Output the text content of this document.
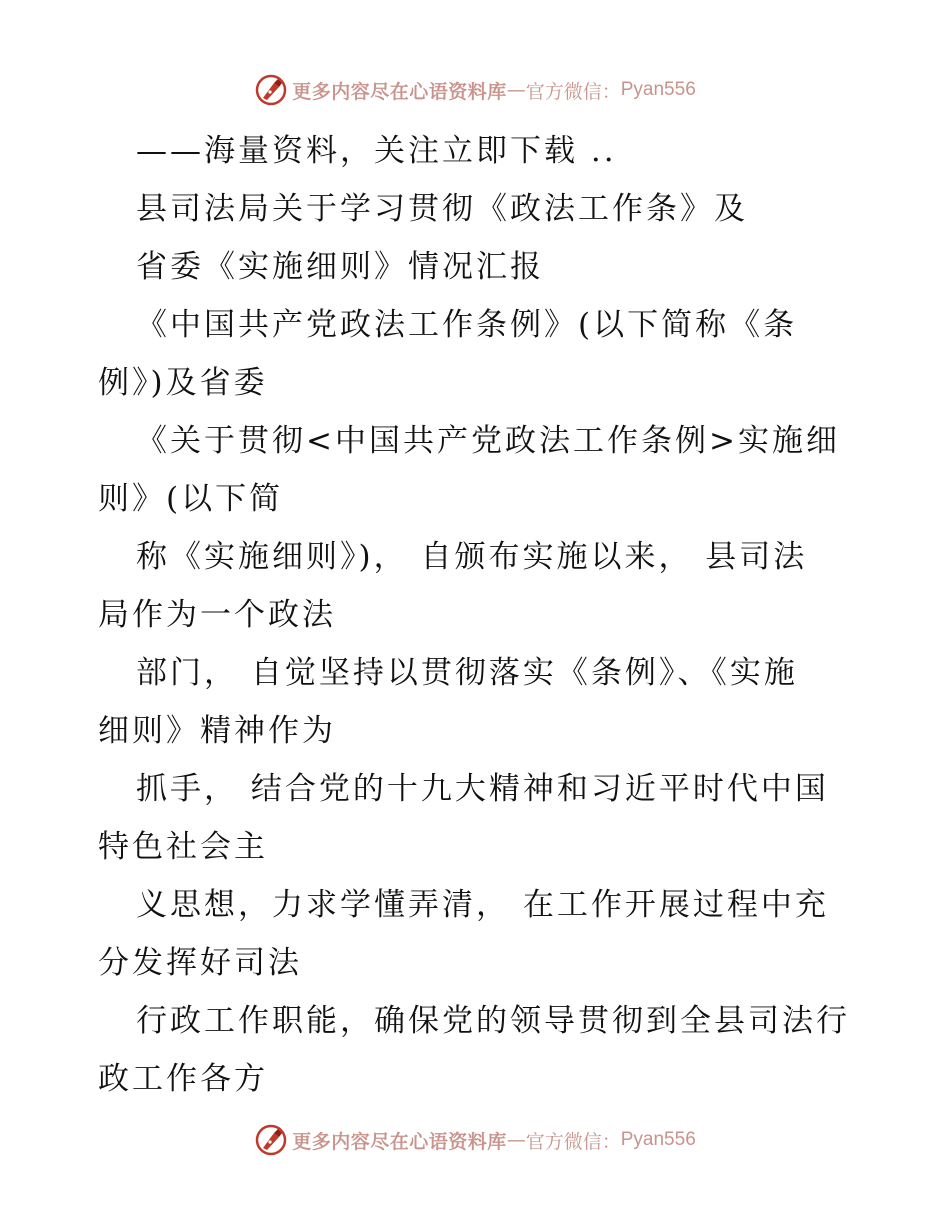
更多内容尽在心语资料库 — 官方微信： Pyan556
——海量资料，关注立即下载 ..
县司法局关于学习贯彻《政法工作条》及
省委《实施细则》情况汇报
《中国共产党政法工作条例》(以下简称《条
例》)及省委
《关于贯彻<中国共产党政法工作条例>实施细
则》(以下简
称《实施细则》)， 自颁布实施以来， 县司法
局作为一个政法
部门， 自觉坚持以贯彻落实《条例》、《实施
细则》精神作为
抓手， 结合党的十九大精神和习近平时代中国
特色社会主
义思想，力求学懂弄清， 在工作开展过程中充
分发挥好司法
行政工作职能，确保党的领导贯彻到全县司法行
政工作各方
更多内容尽在心语资料库 — 官方微信： Pyan556
